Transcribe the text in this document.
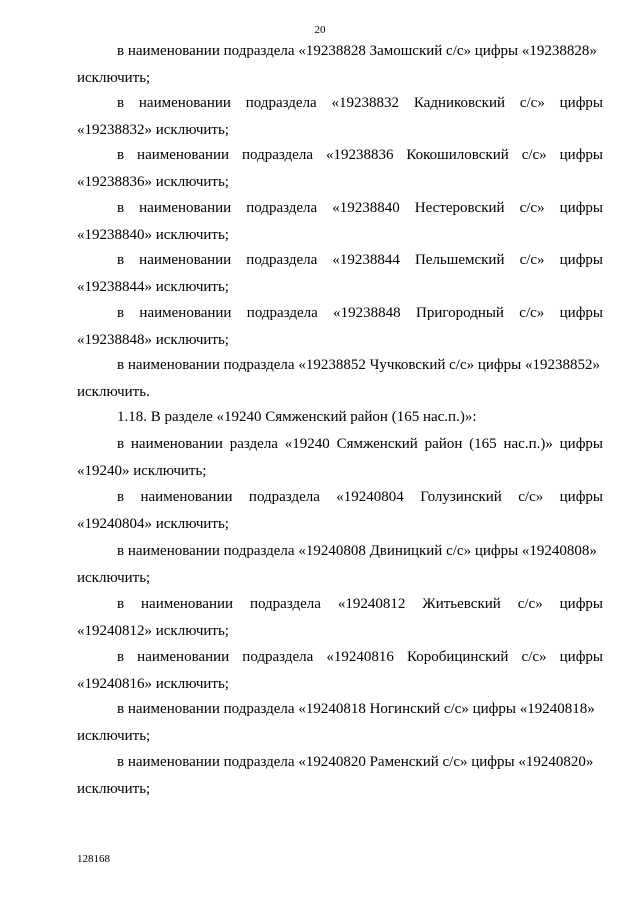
20
в наименовании подраздела «19238828 Замошский с/с» цифры «19238828»
исключить;
в наименовании подраздела «19238832 Кадниковский с/с» цифры
«19238832» исключить;
в наименовании подраздела «19238836 Кокошиловский с/с» цифры
«19238836» исключить;
в наименовании подраздела «19238840 Нестеровский с/с» цифры
«19238840» исключить;
в наименовании подраздела «19238844 Пельшемский с/с» цифры
«19238844» исключить;
в наименовании подраздела «19238848 Пригородный с/с» цифры
«19238848» исключить;
в наименовании подраздела «19238852 Чучковский с/с» цифры «19238852»
исключить.
1.18. В разделе «19240 Сямженский район (165 нас.п.)»:
в наименовании раздела «19240 Сямженский район (165 нас.п.)» цифры
«19240» исключить;
в наименовании подраздела «19240804 Голузинский с/с» цифры
«19240804» исключить;
в наименовании подраздела «19240808 Двиницкий с/с» цифры «19240808»
исключить;
в наименовании подраздела «19240812 Житьевский с/с» цифры
«19240812» исключить;
в наименовании подраздела «19240816 Коробицинский с/с» цифры
«19240816» исключить;
в наименовании подраздела «19240818 Ногинский с/с» цифры «19240818»
исключить;
в наименовании подраздела «19240820 Раменский с/с» цифры «19240820»
исключить;
128168
